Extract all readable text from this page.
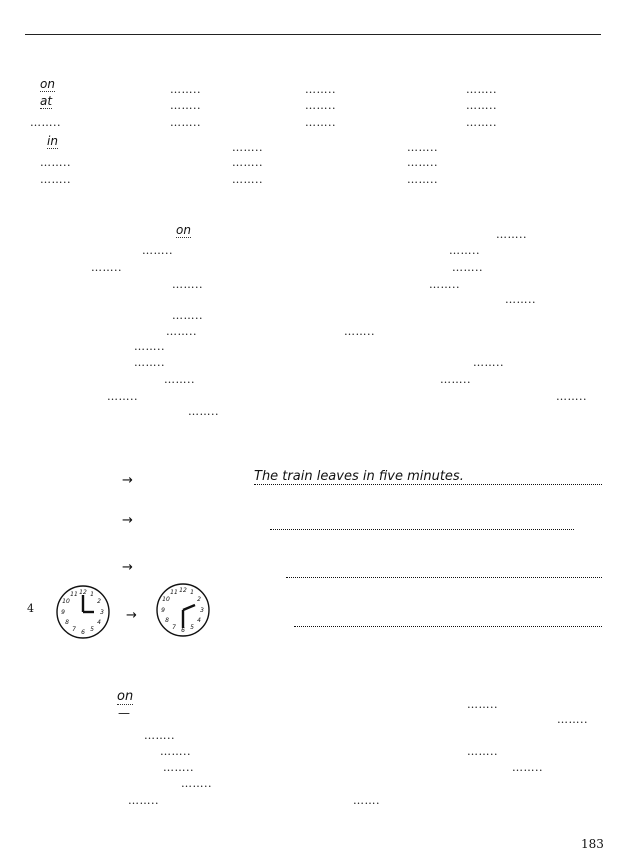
on	……..	……..	……..
at	……..	……..	……..
……..	……..	……..	……..
in	……..	……..
……..	……..	……..
……..	……..	……..
on	……..
……..	……..
……..	……..
……..	……..
……..
……..
……..	……..
……..
……..	……..
……..	……..
……..	……..
……..
→	The train leaves in five minutes.
→
→
4
12 1
2
3
4
5
6
7
8
9
10
11
→
12 1
2
3
4
5
6
7
8
9
10
11
on
……..
—	……..
……..
……..	……..
……..	……..
……..
……..	…….
183
